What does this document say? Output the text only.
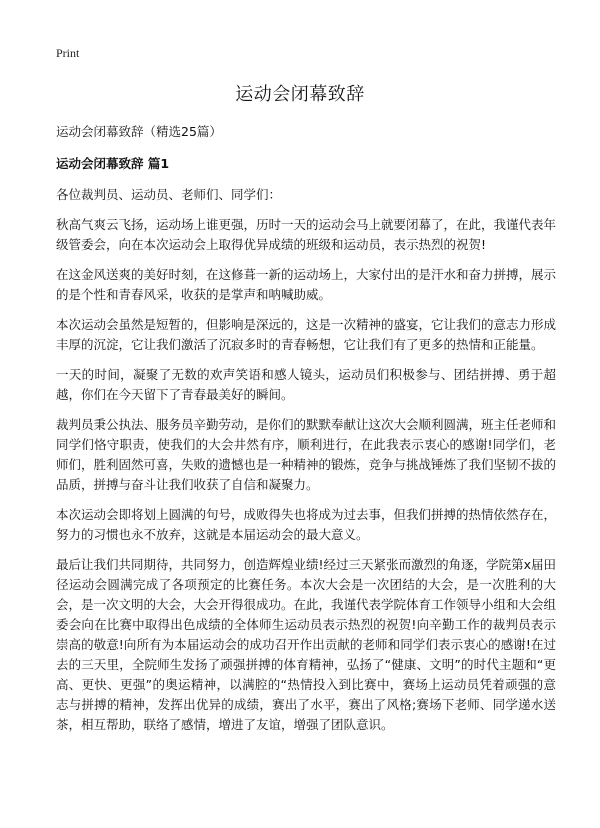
Print
运动会闭幕致辞

运动会闭幕致辞（精选25篇）

运动会闭幕致辞 篇1

各位裁判员、运动员、老师们、同学们：

秋高气爽云飞扬，运动场上谁更强，历时一天的运动会马上就要闭幕了，在此，我谨代表年级管委会，向在本次运动会上取得优异成绩的班级和运动员，表示热烈的祝贺!

在这金风送爽的美好时刻，在这修葺一新的运动场上，大家付出的是汗水和奋力拼搏，展示的是个性和青春风采，收获的是掌声和呐喊助威。

本次运动会虽然是短暂的，但影响是深远的，这是一次精神的盛宴，它让我们的意志力形成丰厚的沉淀，它让我们激活了沉寂多时的青春畅想，它让我们有了更多的热情和正能量。

一天的时间，凝聚了无数的欢声笑语和感人镜头，运动员们积极参与、团结拼搏、勇于超越，你们在今天留下了青春最美好的瞬间。

裁判员秉公执法、服务员辛勤劳动，是你们的默默奉献让这次大会顺利圆满，班主任老师和同学们恪守职责，使我们的大会井然有序，顺利进行，在此我表示衷心的感谢!同学们，老师们，胜利固然可喜，失败的遗憾也是一种精神的锻炼，竞争与挑战锤炼了我们坚韧不拔的品质，拼搏与奋斗让我们收获了自信和凝聚力。

本次运动会即将划上圆满的句号，成败得失也将成为过去事，但我们拼搏的热情依然存在，努力的习惯也永不放弃，这就是本届运动会的最大意义。

最后让我们共同期待，共同努力，创造辉煌业绩!经过三天紧张而激烈的角逐，学院第x届田径运动会圆满完成了各项预定的比赛任务。本次大会是一次团结的大会，是一次胜利的大会，是一次文明的大会，大会开得很成功。在此，我谨代表学院体育工作领导小组和大会组委会向在比赛中取得出色成绩的全体师生运动员表示热烈的祝贺!向辛勤工作的裁判员表示崇高的敬意!向所有为本届运动会的成功召开作出贡献的老师和同学们表示衷心的感谢!在过去的三天里，全院师生发扬了顽强拼搏的体育精神，弘扬了“健康、文明”的时代主题和“更高、更快、更强”的奥运精神，以满腔的“热情投入到比赛中，赛场上运动员凭着顽强的意志与拼搏的精神，发挥出优异的成绩，赛出了水平，赛出了风格;赛场下老师、同学递水送茶，相互帮助，联络了感情，增进了友谊，增强了团队意识。
